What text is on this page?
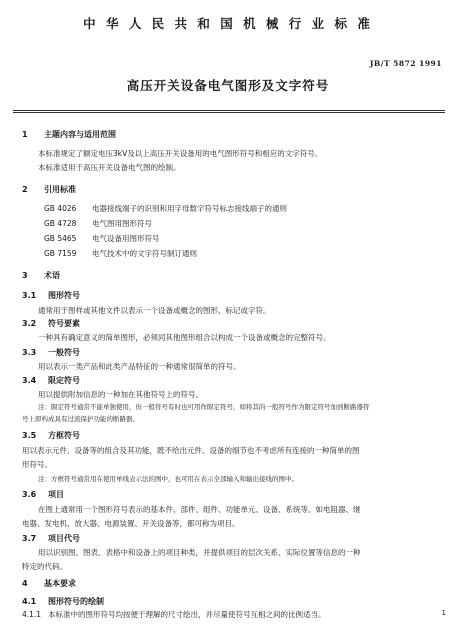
中 华 人 民 共 和 国 机 械 行 业 标 准
JB/T 5872 1991
高压开关设备电气图形及文字符号
1 主题内容与适用范围
本标准规定了额定电压3kV及以上高压开关设备用的电气图形符号和相应的文字符号。
本标准适用于高压开关设备电气图的绘制。
2 引用标准
GB 4026 电器接线端子的识别和用字母数字符号标志接线端子的通则
GB 4728 电气图用图形符号
GB 5465 电气设备用图形符号
GB 7159 电气技术中的文字符号制订通则
3 术语
3.1 图形符号
通常用于图样或其他文件以表示一个设备或概念的图形、标记或字符。
3.2 符号要素
一种具有确定意义的简单图形，必须同其他图形组合以构成一个设备或概念的完整符号。
3.3 一般符号
用以表示一类产品和此类产品特征的一种通常很简单的符号。
3.4 限定符号
用以提供附加信息的一种加在其他符号上的符号。
注：限定符号通常不能单独使用，但一般符号有时也可用作限定符号，如将其的一般符号作为限定符号加到断路器符
号上即构成具有过流保护功能的断路器。
3.5 方框符号
用以表示元件、设备等的组合及其功能，既不给出元件、设备的细节也不考虑所有连接的一种简单的图
形符号。
注：方框符号通常用在使用单线表示法的图中，也可用在表示全部输入和输出接线的图中。
3.6 项目
在图上通常用一个图形符号表示的基本件、部件、组件、功能单元、设备、系统等。如电阻器、继
电器、发电机、放大器、电源装置、开关设备等，都可称为项目。
3.7 项目代号
用以识别图、图表、表格中和设备上的项目种类，并提供项目的层次关系、实际位置等信息的一种
特定的代码。
4 基本要求
4.1 图形符号的绘制
4.1.1 本标准中的图形符号均按便于理解的尺寸绘出，并尽量使符号互相之间的比例适当。	1
